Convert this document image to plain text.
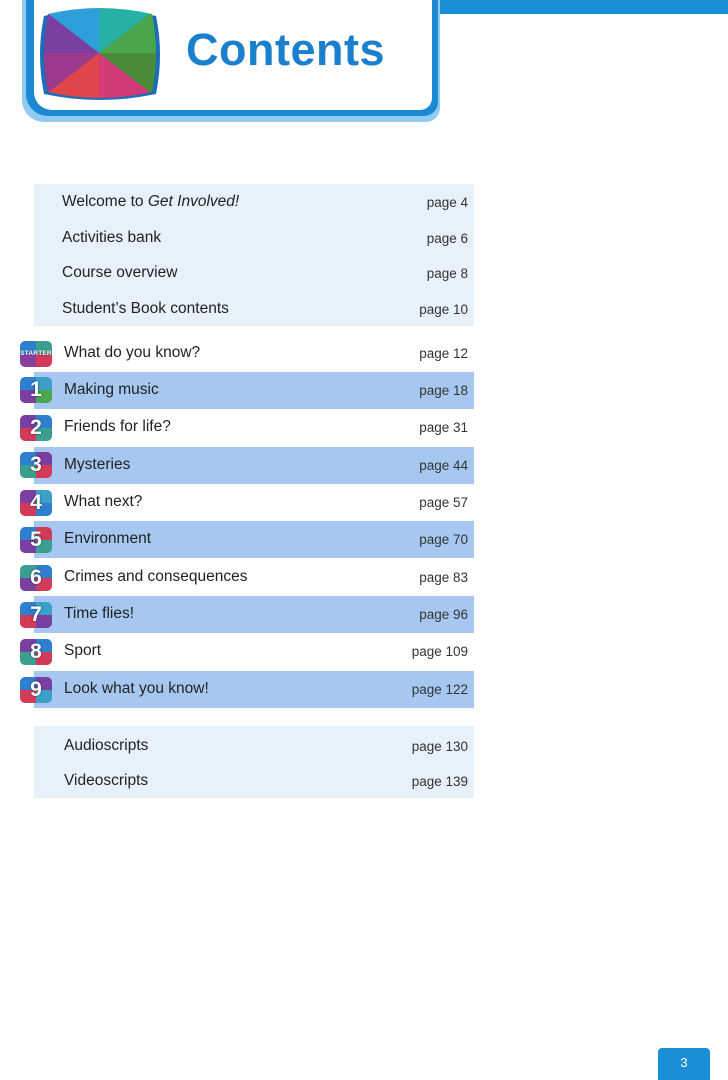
Contents
Welcome to Get Involved!	page 4
Activities bank	page 6
Course overview	page 8
Student’s Book contents	page 10
What do you know?	page 12
Making music	page 18
Friends for life?	page 31
Mysteries	page 44
What next?	page 57
Environment	page 70
Crimes and consequences	page 83
Time flies!	page 96
Sport	page 109
Look what you know!	page 122
STARTER
1
2
3
4
5
6
7
8
9
Audioscripts	page 130
Videoscripts	page 139
3
